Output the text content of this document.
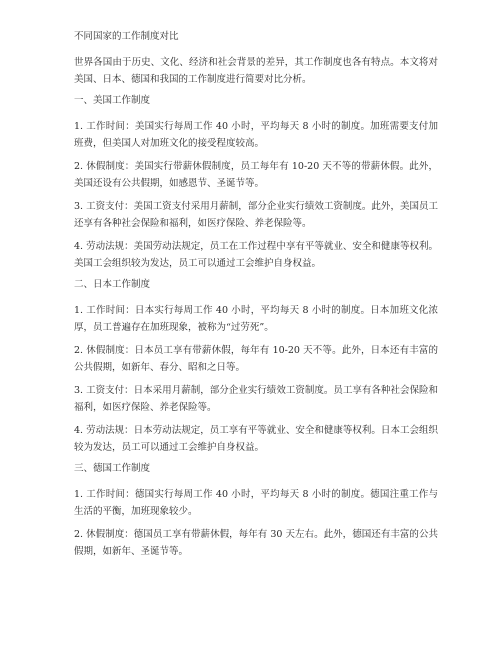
不同国家的工作制度对比

世界各国由于历史、文化、经济和社会背景的差异，其工作制度也各有特点。本文将对美国、日本、德国和我国的工作制度进行简要对比分析。

一、美国工作制度

1. 工作时间：美国实行每周工作 40 小时，平均每天 8 小时的制度。加班需要支付加班费，但美国人对加班文化的接受程度较高。

2. 休假制度：美国实行带薪休假制度，员工每年有 10-20 天不等的带薪休假。此外，美国还设有公共假期，如感恩节、圣诞节等。

3. 工资支付：美国工资支付采用月薪制，部分企业实行绩效工资制度。此外，美国员工还享有各种社会保险和福利，如医疗保险、养老保险等。

4. 劳动法规：美国劳动法规定，员工在工作过程中享有平等就业、安全和健康等权利。美国工会组织较为发达，员工可以通过工会维护自身权益。

二、日本工作制度

1. 工作时间：日本实行每周工作 40 小时，平均每天 8 小时的制度。日本加班文化浓厚，员工普遍存在加班现象，被称为“过劳死”。

2. 休假制度：日本员工享有带薪休假，每年有 10-20 天不等。此外，日本还有丰富的公共假期，如新年、春分、昭和之日等。

3. 工资支付：日本采用月薪制，部分企业实行绩效工资制度。员工享有各种社会保险和福利，如医疗保险、养老保险等。

4. 劳动法规：日本劳动法规定，员工享有平等就业、安全和健康等权利。日本工会组织较为发达，员工可以通过工会维护自身权益。

三、德国工作制度

1. 工作时间：德国实行每周工作 40 小时，平均每天 8 小时的制度。德国注重工作与生活的平衡，加班现象较少。

2. 休假制度：德国员工享有带薪休假，每年有 30 天左右。此外，德国还有丰富的公共假期，如新年、圣诞节等。
